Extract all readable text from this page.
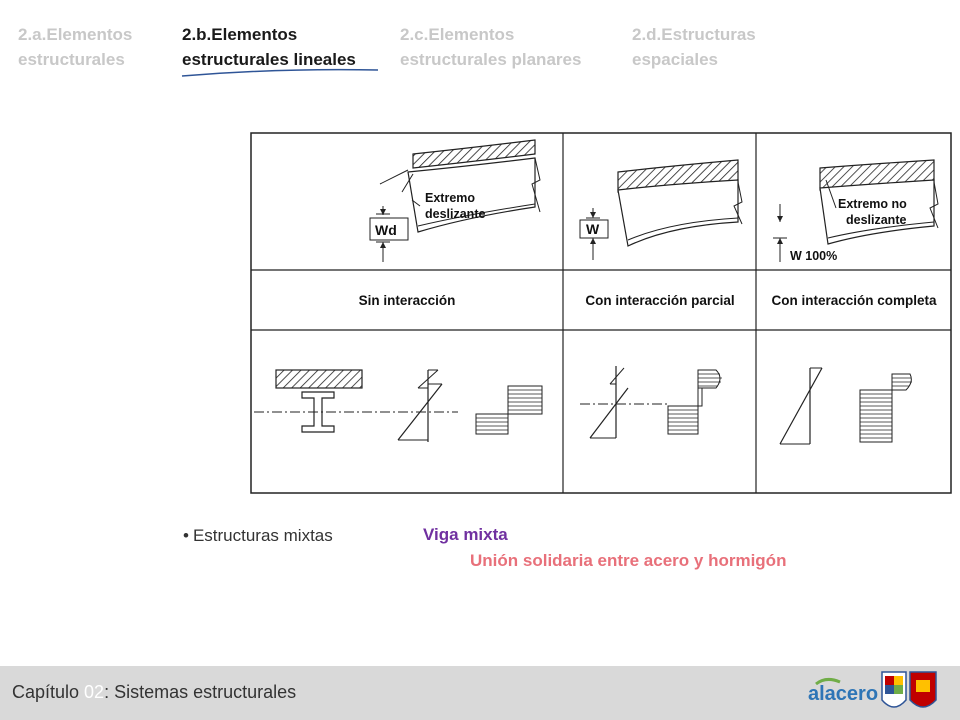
2.a.Elementos estructurales
2.b.Elementos estructurales lineales
2.c.Elementos estructurales planares
2.d.Estructuras espaciales
Wd
Extremo
deslizante
W
W 100%
Extremo no
deslizante
Sin interacción	Con interacción parcial	Con interacción completa
• Estructuras mixtas	Viga mixta
Unión solidaria entre acero y hormigón
Capítulo 02: Sistemas estructurales	alacero
